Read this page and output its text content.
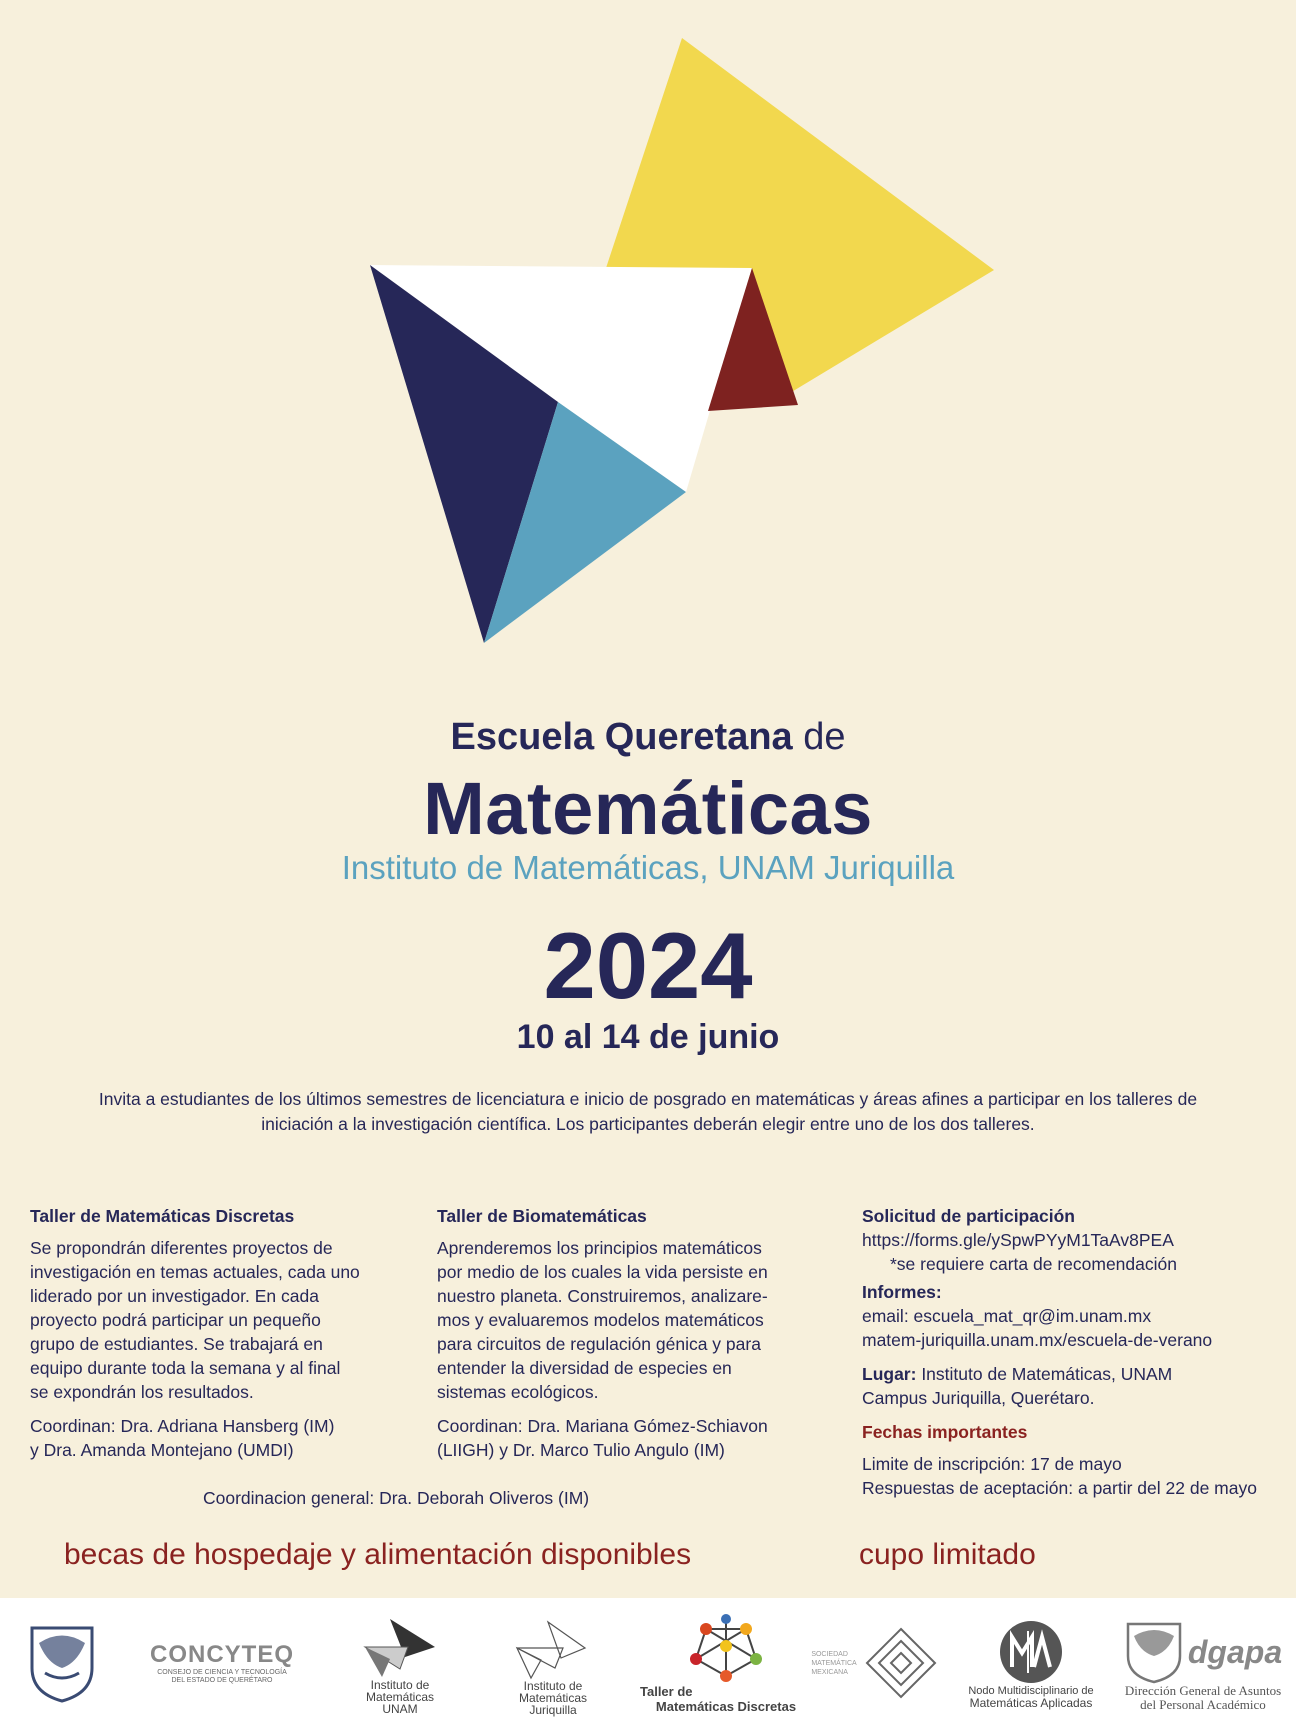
Escuela Queretana de
Matemáticas
Instituto de Matemáticas, UNAM Juriquilla
2024
10 al 14 de junio
Invita a estudiantes de los últimos semestres de licenciatura e inicio de posgrado en matemáticas y áreas afines a participar en los talleres de
iniciación a la investigación científica. Los participantes deberán elegir entre uno de los dos talleres.
Taller de Matemáticas Discretas

Se propondrán diferentes proyectos de
investigación en temas actuales, cada uno
liderado por un investigador. En cada
proyecto podrá participar un pequeño
grupo de estudiantes. Se trabajará en
equipo durante toda la semana y al final
se expondrán los resultados.

Coordinan: Dra. Adriana Hansberg (IM)
y Dra. Amanda Montejano (UMDI)

Taller de Biomatemáticas

Aprenderemos los principios matemáticos
por medio de los cuales la vida persiste en
nuestro planeta. Construiremos, analizare-
mos y evaluaremos modelos matemáticos
para circuitos de regulación génica y para
entender la diversidad de especies en
sistemas ecológicos.

Coordinan: Dra. Mariana Gómez-Schiavon
(LIIGH) y Dr. Marco Tulio Angulo (IM)

Solicitud de participación
https://forms.gle/ySpwPYyM1TaAv8PEA
*se requiere carta de recomendación
Informes:
email: escuela_mat_qr@im.unam.mx
matem-juriquilla.unam.mx/escuela-de-verano
Lugar: Instituto de Matemáticas, UNAM
Campus Juriquilla, Querétaro.
Fechas importantes
Limite de inscripción: 17 de mayo
Respuestas de aceptación: a partir del 22 de mayo
Coordinacion general: Dra. Deborah Oliveros (IM)
becas de hospedaje y alimentación disponibles	cupo limitado
CONCYTEQ
CONSEJO DE CIENCIA Y TECNOLOGÍA
DEL ESTADO DE QUERÉTARO	Instituto de
Matemáticas
UNAM
Instituto de
Matemáticas
Juriquilla
Taller de
Matemáticas Discretas
SOCIEDAD
MATEMÁTICA
MEXICANA
Nodo Multidisciplinario de
Matemáticas Aplicadas
dgapa
Dirección General de Asuntos
del Personal Académico
